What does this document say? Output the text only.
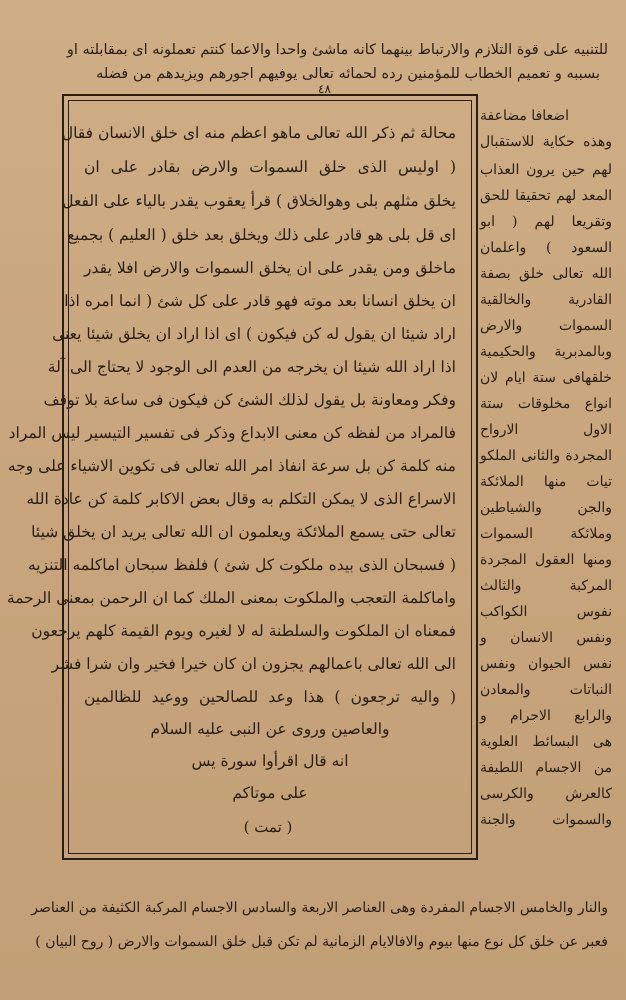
للتنبيه على قوة التلازم والارتباط بينهما كانه ماشئ واحدا والاعما كنتم تعملونه اى بمقابلته او
بسببه و تعميم الخطاب للمؤمنين رده لحمائه تعالى يوفيهم اجورهم ويزيدهم من فضله
٤٨
محالة ثم ذكر الله تعالى ماهو اعظم منه اى خلق الانسان فقال
( اوليس الذى خلق السموات والارض بقادر على ان
يخلق مثلهم بلى وهوالخلاق ) قرأ يعقوب يقدر بالياء على الفعل
اى قل بلى هو قادر على ذلك ويخلق بعد خلق ( العليم ) بجميع
ماخلق ومن يقدر على ان يخلق السموات والارض افلا يقدر
ان يخلق انسانا بعد موته فهو قادر على كل شئ ( انما امره اذا
اراد شيئا ان يقول له كن فيكون ) اى اذا اراد ان يخلق شيئا يعنى
اذا اراد الله شيئا ان يخرجه من العدم الى الوجود لا يحتاج الى آلة
وفكر ومعاونة بل يقول لذلك الشئ كن فيكون فى ساعة بلا توقف
فالمراد من لفظه كن معنى الابداع وذكر فى تفسير التيسير ليس المراد
منه كلمة كن بل سرعة انفاذ امر الله تعالى فى تكوين الاشياء على وجه
الاسراع الذى لا يمكن التكلم به وقال بعض الاكابر كلمة كن عادة الله
تعالى حتى يسمع الملائكة ويعلمون ان الله تعالى يريد ان يخلق شيئا
( فسبحان الذى بيده ملكوت كل شئ ) فلفظ سبحان اماكلمه التنزيه
واماكلمة التعجب والملكوت بمعنى الملك كما ان الرحمن بمعنى الرحمة
فمعناه ان الملكوت والسلطنة له لا لغيره ويوم القيمة كلهم يرجعون
الى الله تعالى باعمالهم يجزون ان كان خيرا فخير وان شرا فشر
( واليه ترجعون ) هذا وعد للصالحين ووعيد للظالمين
والعاصين وروى عن النبى عليه السلام
انه قال اقرأوا سورة يس
على موتاكم
( تمت )
اضعافا مضاعفة
وهذه حكاية للاستقبال
لهم حين يرون العذاب
المعد لهم تحقيقا للحق
وتقريعا لهم ( ابو
السعود ) واعلمان
الله تعالى خلق بصفة
القادرية والخالقية
السموات والارض
وبالمدبرية والحكيمية
خلقهافى ستة ايام لان
انواع مخلوقات ستة
الاول الارواح
المجردة والثانى الملكو
تيات منها الملائكة
والجن والشياطين
وملائكة السموات
ومنها العقول المجردة
المركبة والثالث
نفوس الكواكب
ونفس الانسان و
نفس الحيوان ونفس
النباتات والمعادن
والرابع الاجرام و
هى البسائط العلوية
من الاجسام اللطيفة
كالعرش والكرسى
والسموات والجنة
والنار والخامس الاجسام المفردة وهى العناصر الاربعة والسادس الاجسام المركبة الكثيفة من العناصر
فعبر عن خلق كل نوع منها بيوم والافالايام الزمانية لم تكن قبل خلق السموات والارض ( روح البيان )
